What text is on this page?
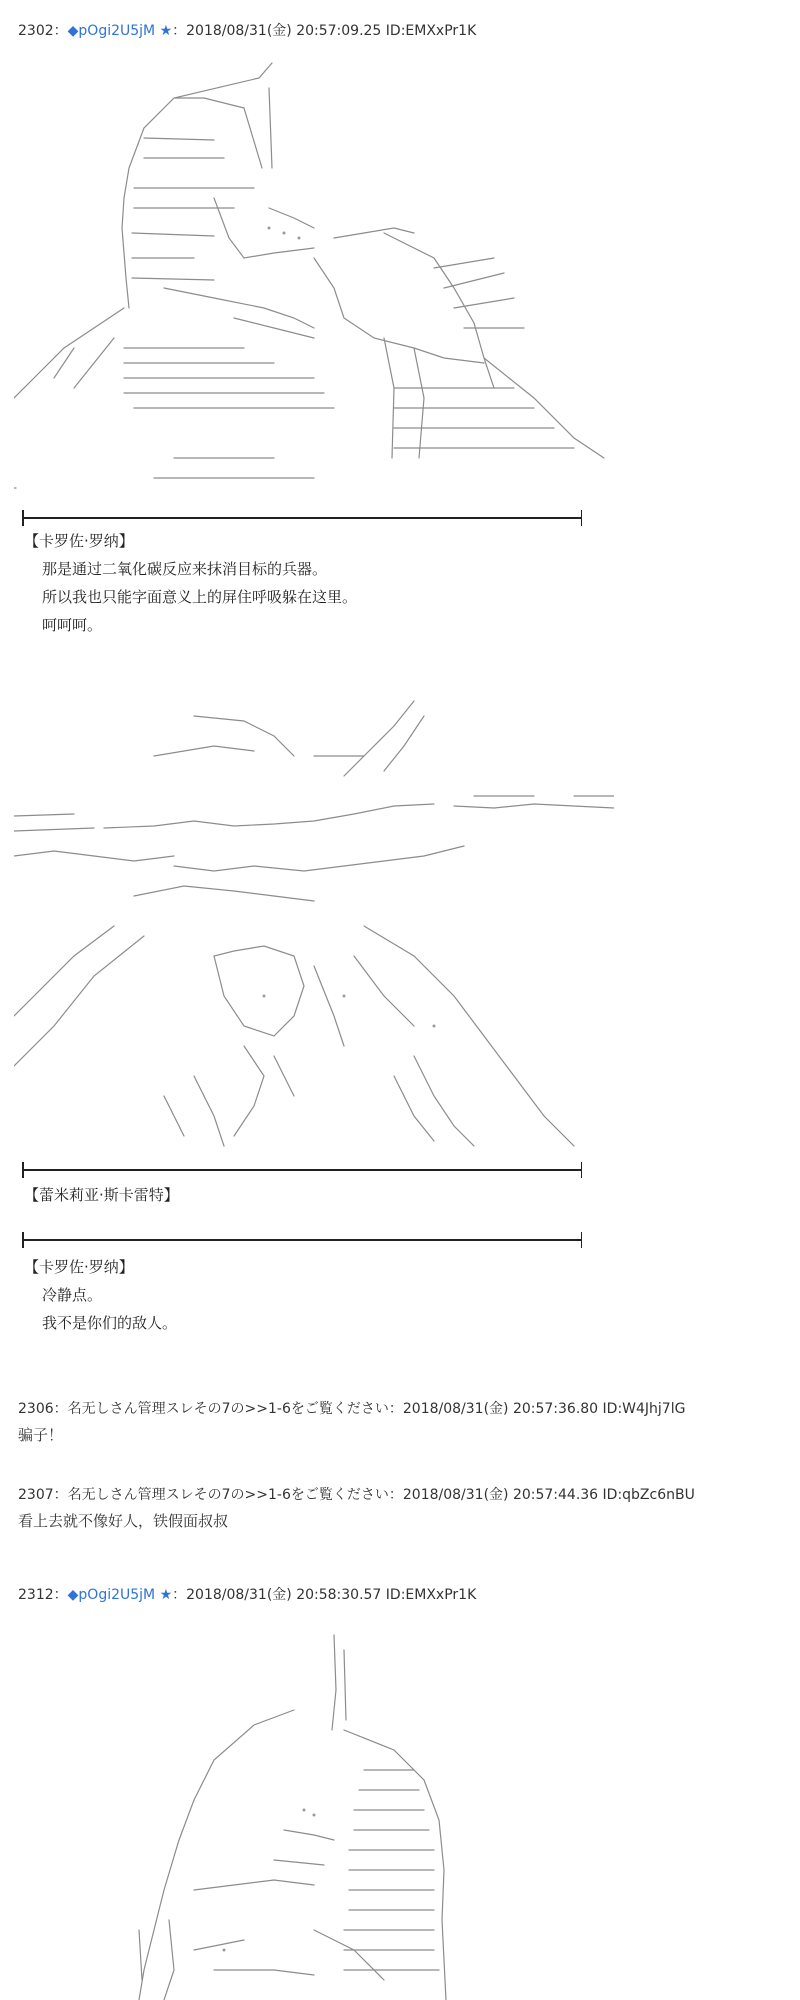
2302：◆pOgi2U5jM ★：2018/08/31(金) 20:57:09.25 ID:EMXxPr1K
【卡罗佐·罗纳】
那是通过二氧化碳反应来抹消目标的兵器。
所以我也只能字面意义上的屏住呼吸躲在这里。
呵呵呵。
【蕾米莉亚·斯卡雷特】
【卡罗佐·罗纳】
冷静点。
我不是你们的敌人。
2306：名无しさん管理スレその7の>>1-6をご覧ください：2018/08/31(金) 20:57:36.80 ID:W4Jhj7lG
骗子！
2307：名无しさん管理スレその7の>>1-6をご覧ください：2018/08/31(金) 20:57:44.36 ID:qbZc6nBU
看上去就不像好人，铁假面叔叔
2312：◆pOgi2U5jM ★：2018/08/31(金) 20:58:30.57 ID:EMXxPr1K
